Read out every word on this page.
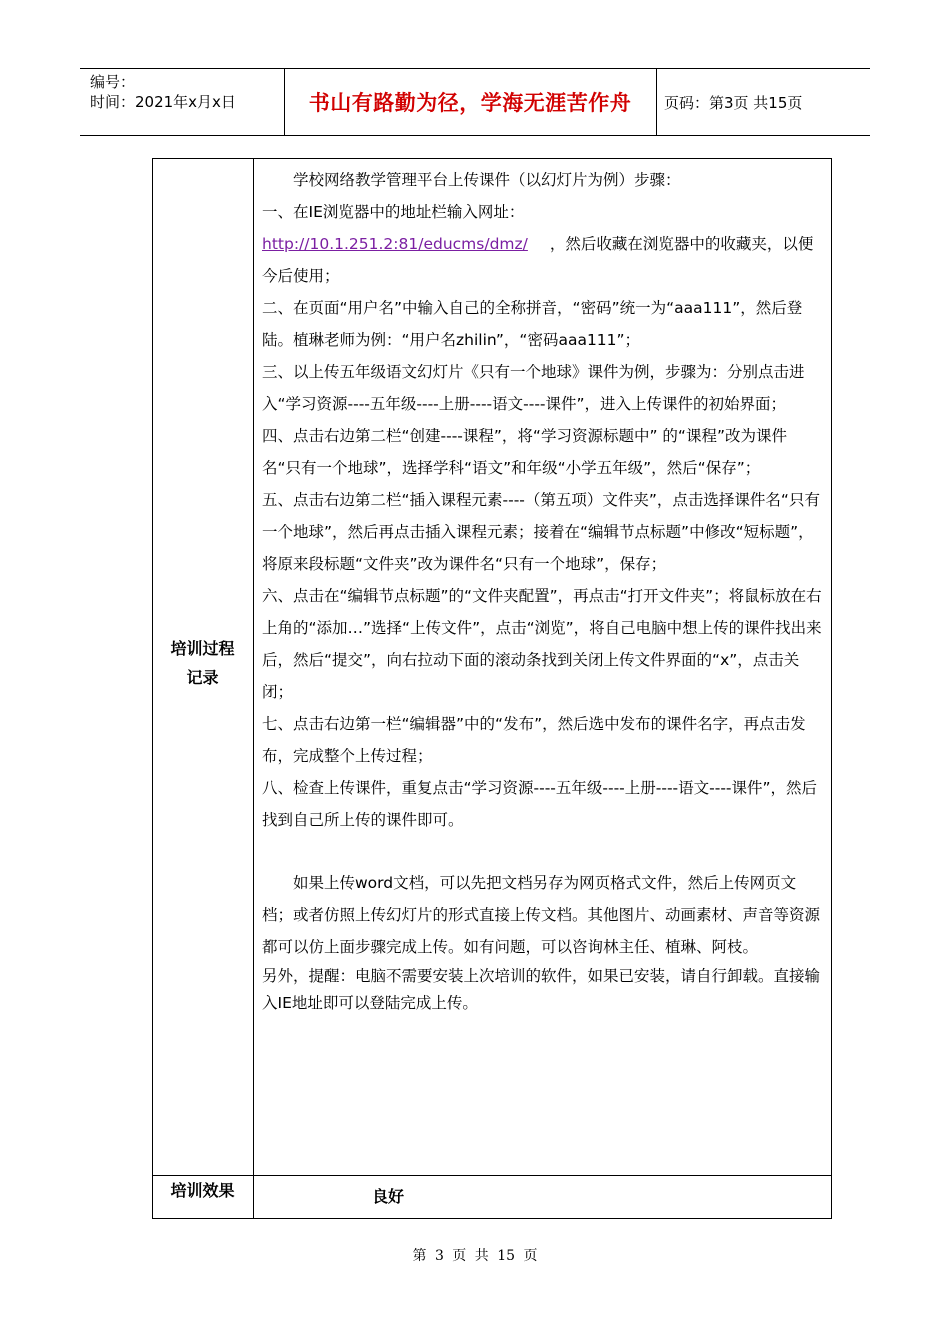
编号：
时间：2021年x月x日	书山有路勤为径，学海无涯苦作舟	页码：第3页 共15页
培训过程
记录

学校网络教学管理平台上传课件（以幻灯片为例）步骤：

一、在IE浏览器中的地址栏输入网址：

http://10.1.251.2:81/educms/dmz/ ，然后收藏在浏览器中的收藏夹，以便今后使用；

二、在页面“用户名”中输入自己的全称拼音，“密码”统一为“aaa111”，然后登陆。植琳老师为例：“用户名zhilin”，“密码aaa111”；

三、以上传五年级语文幻灯片《只有一个地球》课件为例，步骤为：分别点击进入“学习资源----五年级----上册----语文----课件”，进入上传课件的初始界面；

四、点击右边第二栏“创建----课程”，将“学习资源标题中” 的“课程”改为课件名“只有一个地球”，选择学科“语文”和年级“小学五年级”，然后“保存”；

五、点击右边第二栏“插入课程元素----（第五项）文件夹”，点击选择课件名“只有一个地球”，然后再点击插入课程元素；接着在“编辑节点标题”中修改“短标题”，将原来段标题“文件夹”改为课件名“只有一个地球”，保存；

六、点击在“编辑节点标题”的“文件夹配置”，再点击“打开文件夹”；将鼠标放在右上角的“添加…”选择“上传文件”，点击“浏览”，将自己电脑中想上传的课件找出来后，然后“提交”，向右拉动下面的滚动条找到关闭上传文件界面的“x”，点击关闭；

七、点击右边第一栏“编辑器”中的“发布”，然后选中发布的课件名字，再点击发布，完成整个上传过程；

八、检查上传课件，重复点击“学习资源----五年级----上册----语文----课件”，然后找到自己所上传的课件即可。

如果上传word文档，可以先把文档另存为网页格式文件，然后上传网页文档；或者仿照上传幻灯片的形式直接上传文档。其他图片、动画素材、声音等资源都可以仿上面步骤完成上传。如有问题，可以咨询林主任、植琳、阿枝。

另外，提醒：电脑不需要安装上次培训的软件，如果已安装，请自行卸载。直接输入IE地址即可以登陆完成上传。

培训效果	良好
第 3 页 共 15 页
